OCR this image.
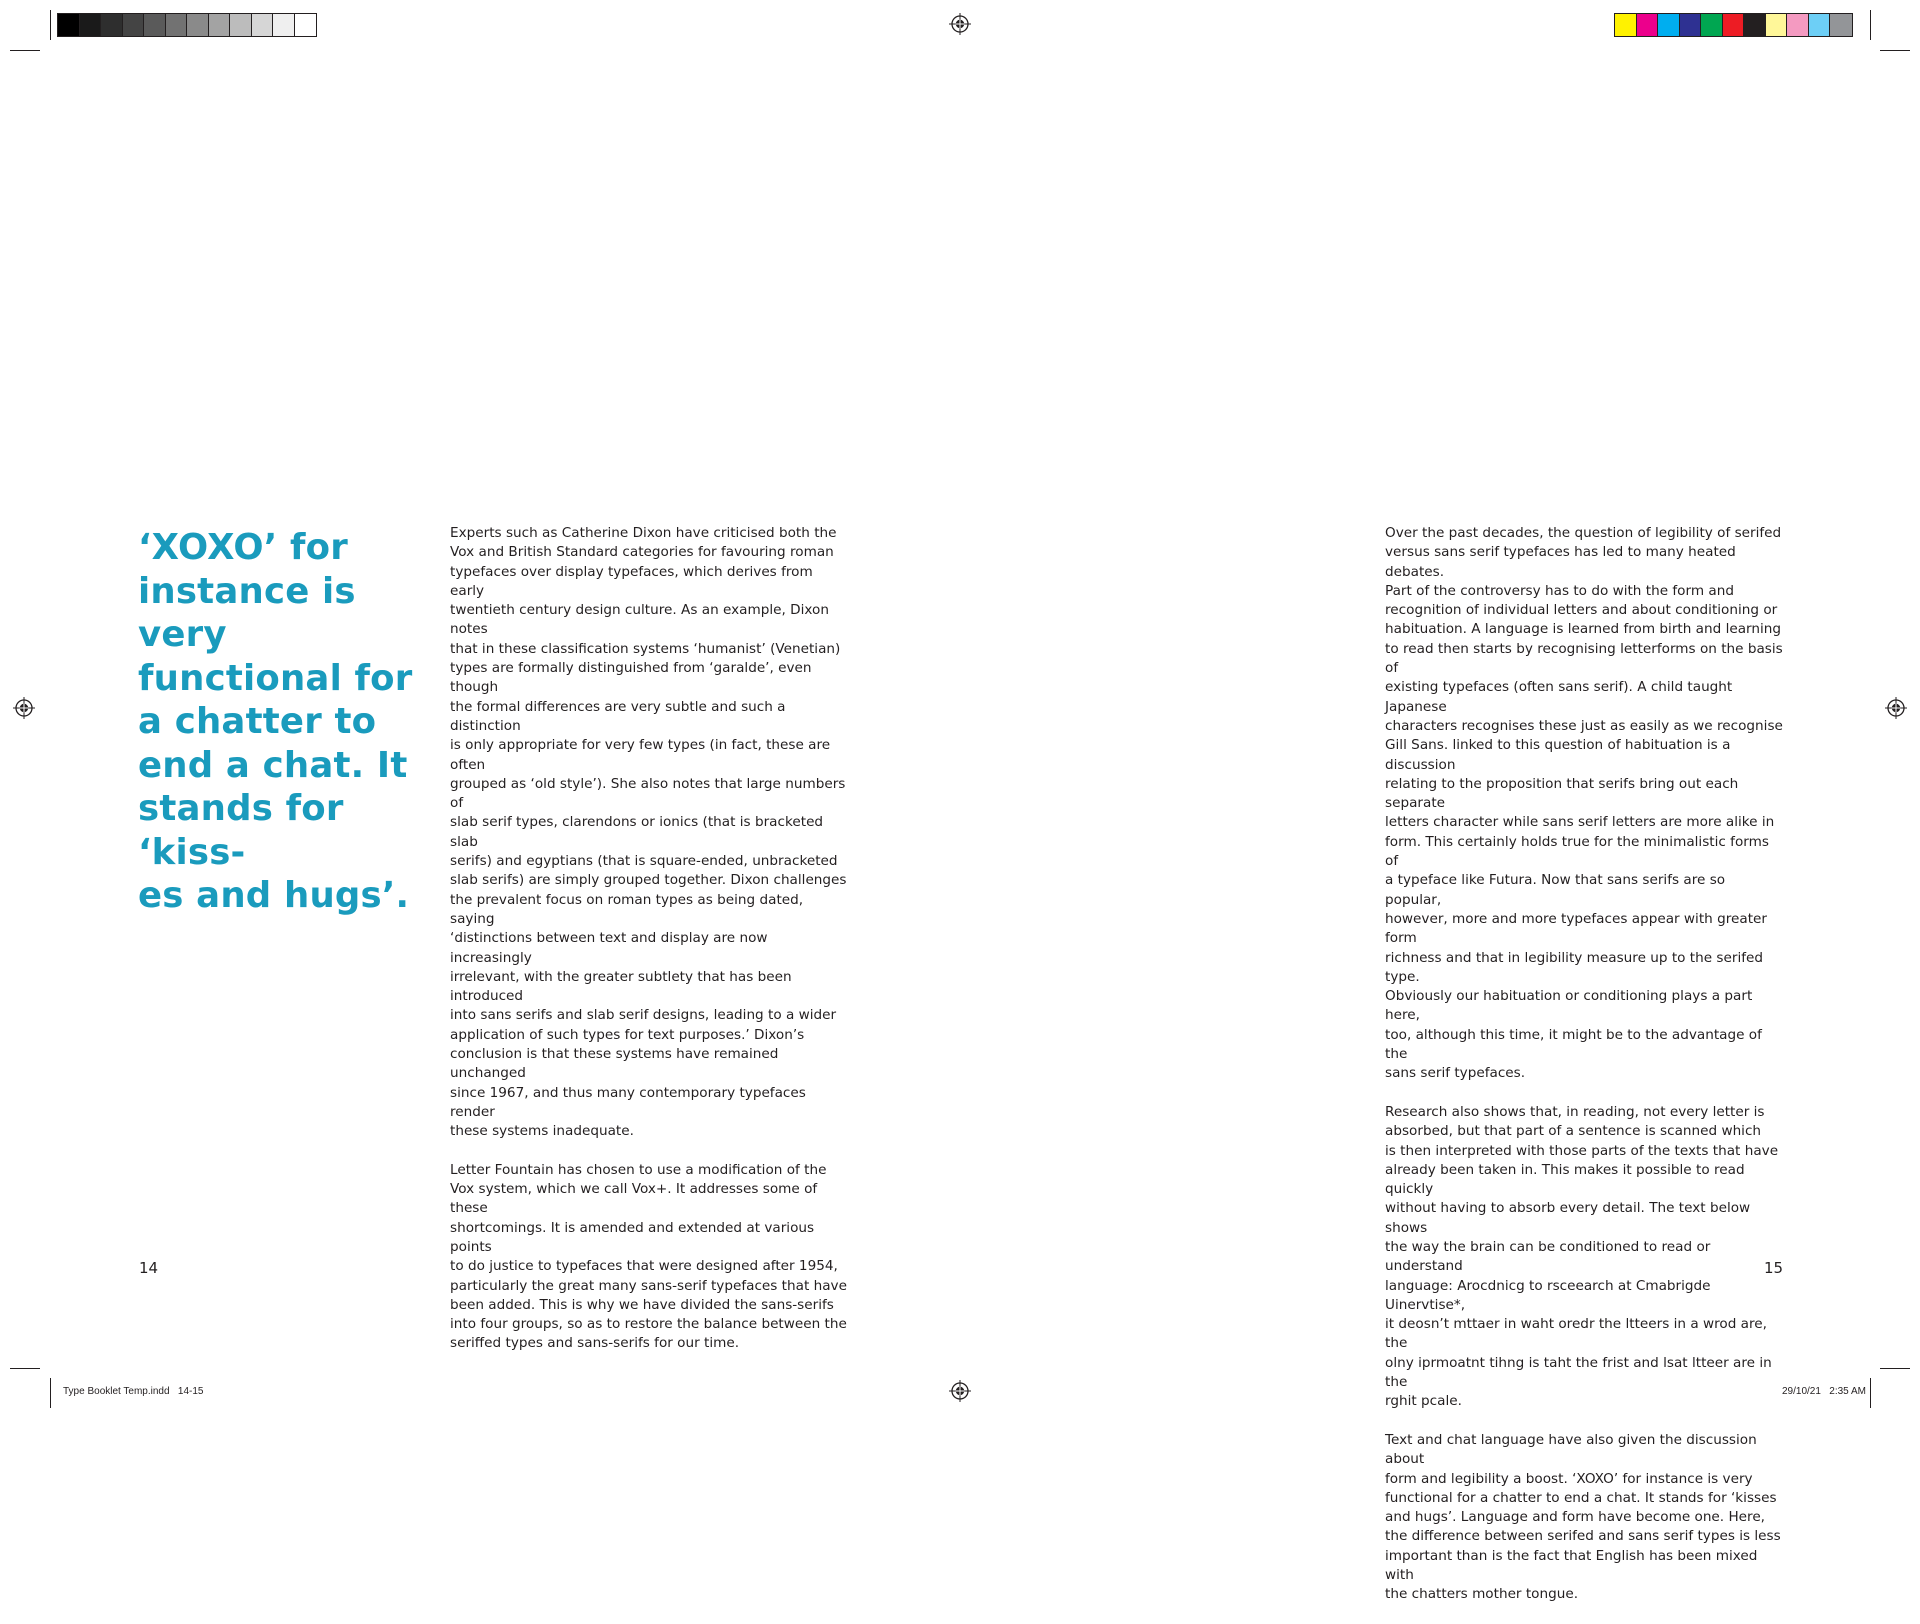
‘XOXO’ for
instance is very
functional for
a chatter to
end a chat. It
stands for ‘kiss-
es and hugs’.

Experts such as Catherine Dixon have criticised both the
Vox and British Standard categories for favouring roman
typefaces over display typefaces, which derives from early
twentieth century design culture. As an example, Dixon notes
that in these classification systems ‘humanist’ (Venetian)
types are formally distinguished from ‘garalde’, even though
the formal differences are very subtle and such a distinction
is only appropriate for very few types (in fact, these are often
grouped as ‘old style’). She also notes that large numbers of
slab serif types, clarendons or ionics (that is bracketed slab
serifs) and egyptians (that is square-ended, unbracketed
slab serifs) are simply grouped together. Dixon challenges
the prevalent focus on roman types as being dated, saying
‘distinctions between text and display are now increasingly
irrelevant, with the greater subtlety that has been introduced
into sans serifs and slab serif designs, leading to a wider
application of such types for text purposes.’ Dixon’s
conclusion is that these systems have remained unchanged
since 1967, and thus many contemporary typefaces render
these systems inadequate.

Letter Fountain has chosen to use a modification of the
Vox system, which we call Vox+. It addresses some of these
shortcomings. It is amended and extended at various points
to do justice to typefaces that were designed after 1954,
particularly the great many sans-serif typefaces that have
been added. This is why we have divided the sans-serifs
into four groups, so as to restore the balance between the
seriffed types and sans-serifs for our time.

14

Over the past decades, the question of legibility of serifed
versus sans serif typefaces has led to many heated debates.
Part of the controversy has to do with the form and
recognition of individual letters and about conditioning or
habituation. A language is learned from birth and learning
to read then starts by recognising letterforms on the basis of
existing typefaces (often sans serif). A child taught Japanese
characters recognises these just as easily as we recognise
Gill Sans. linked to this question of habituation is a discussion
relating to the proposition that serifs bring out each separate
letters character while sans serif letters are more alike in
form. This certainly holds true for the minimalistic forms of
a typeface like Futura. Now that sans serifs are so popular,
however, more and more typefaces appear with greater form
richness and that in legibility measure up to the serifed type.
Obviously our habituation or conditioning plays a part here,
too, although this time, it might be to the advantage of the
sans serif typefaces.

Research also shows that, in reading, not every letter is
absorbed, but that part of a sentence is scanned which
is then interpreted with those parts of the texts that have
already been taken in. This makes it possible to read quickly
without having to absorb every detail. The text below shows
the way the brain can be conditioned to read or understand
language: Arocdnicg to rsceearch at Cmabrigde Uinervtise*,
it deosn’t mttaer in waht oredr the ltteers in a wrod are, the
olny iprmoatnt tihng is taht the frist and lsat ltteer are in the
rghit pcale.

Text and chat language have also given the discussion about
form and legibility a boost. ‘XOXO’ for instance is very
functional for a chatter to end a chat. It stands for ‘kisses
and hugs’. Language and form have become one. Here,
the difference between serifed and sans serif types is less
important than is the fact that English has been mixed with
the chatters mother tongue.

15
Type Booklet Temp.indd   14-15	29/10/21   2:35 AM
